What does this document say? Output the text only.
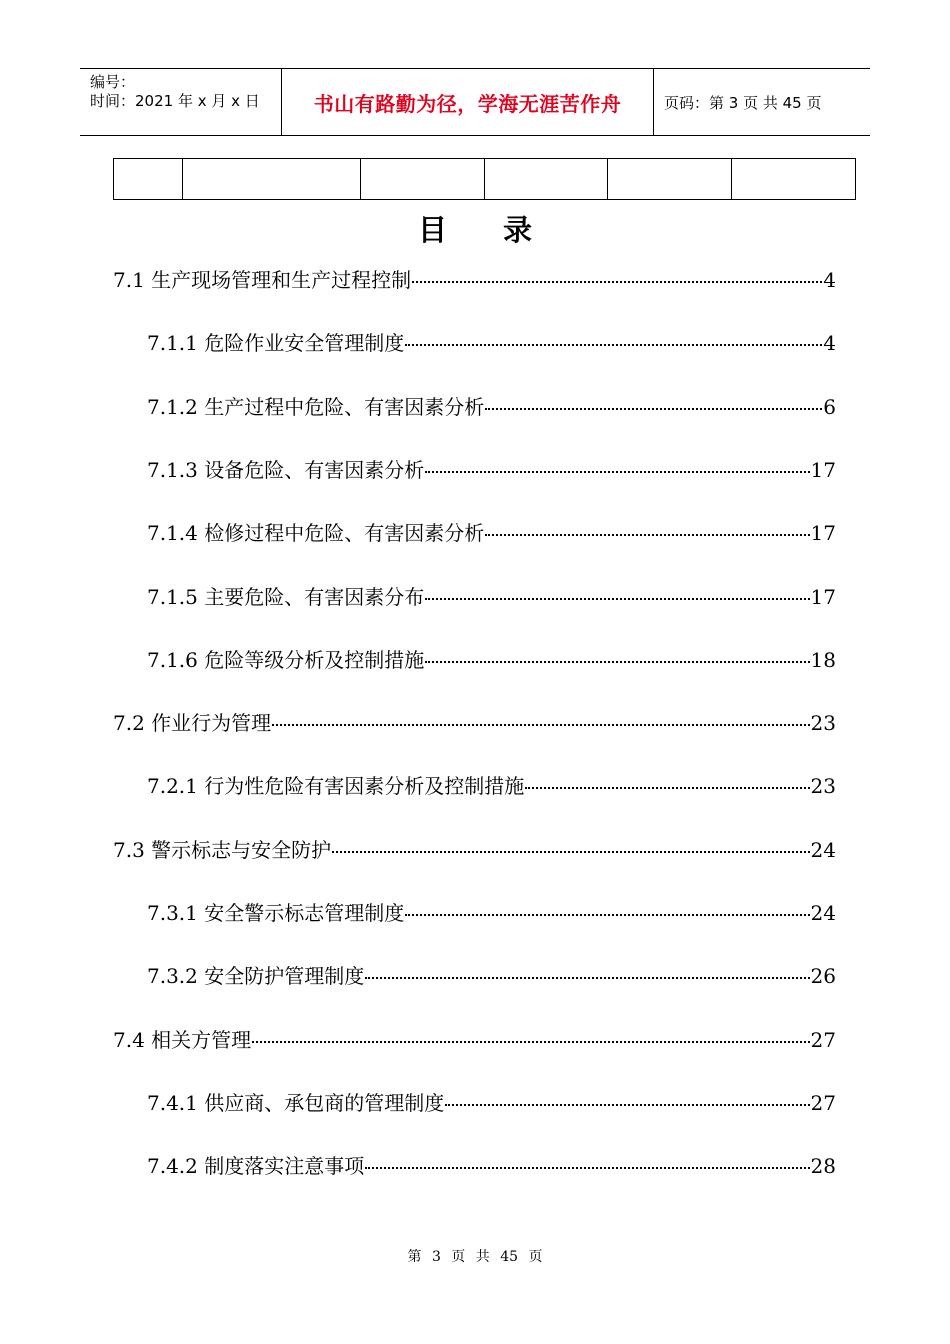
编号：
时间：2021 年 x 月 x 日	书山有路勤为径，学海无涯苦作舟	页码：第 3 页 共 45 页

目 录
7.1 生产现场管理和生产过程控制	4
7.1.1 危险作业安全管理制度	4
7.1.2 生产过程中危险、有害因素分析	6
7.1.3 设备危险、有害因素分析	17
7.1.4 检修过程中危险、有害因素分析	17
7.1.5 主要危险、有害因素分布	17
7.1.6 危险等级分析及控制措施	18
7.2 作业行为管理	23
7.2.1 行为性危险有害因素分析及控制措施	23
7.3 警示标志与安全防护	24
7.3.1 安全警示标志管理制度	24
7.3.2 安全防护管理制度	26
7.4 相关方管理	27
7.4.1 供应商、承包商的管理制度	27
7.4.2 制度落实注意事项	28
第 3 页 共 45 页
